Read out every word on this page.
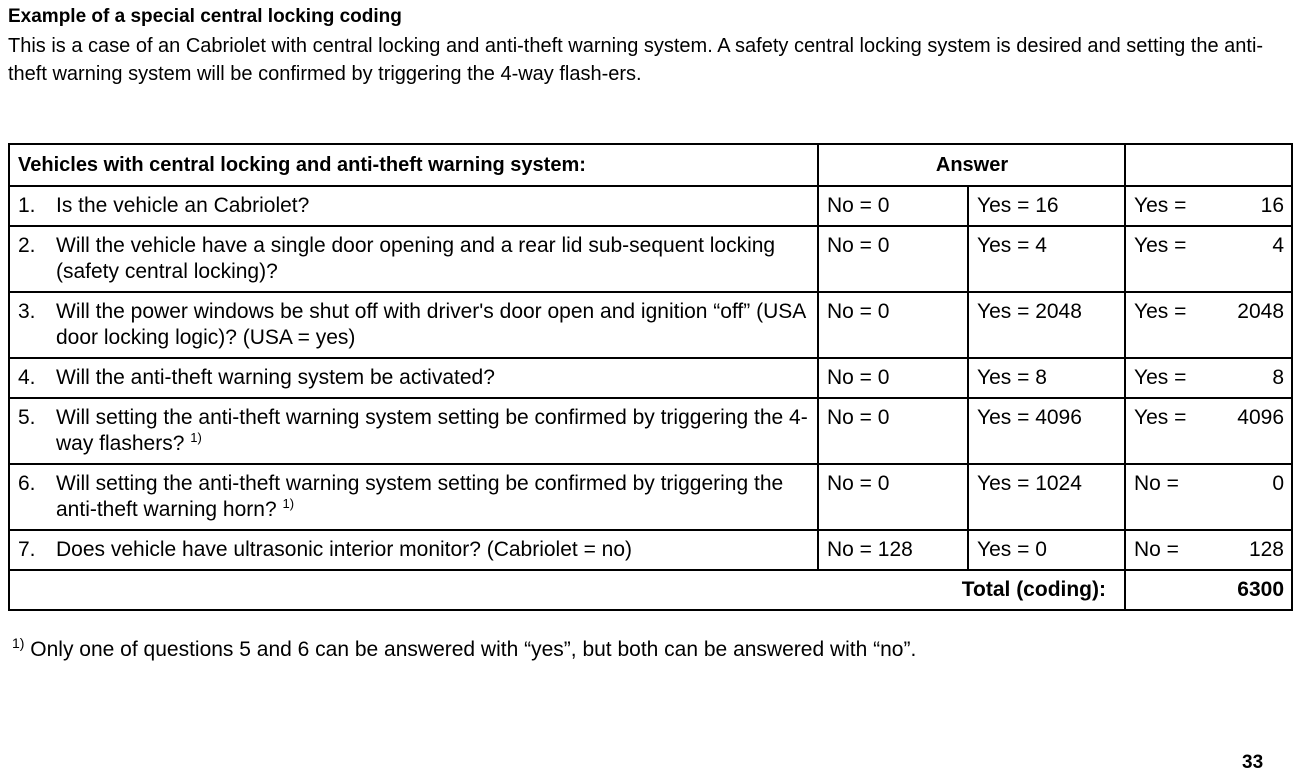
Example of a special central locking coding

This is a case of an Cabriolet with central locking and anti-theft warning system. A safety central locking system is desired and setting the anti-theft warning system will be confirmed by triggering the 4-way flash-ers.

Vehicles with central locking and anti-theft warning system:	Answer		

1. Is the vehicle an Cabriolet?	No = 0	Yes = 16	Yes = 16

2. Will the vehicle have a single door opening and a rear lid sub-sequent locking (safety central locking)?	No = 0	Yes = 4	Yes = 4

3. Will the power windows be shut off with driver's door open and ignition “off” (USA door locking logic)? (USA = yes)	No = 0	Yes = 2048	Yes = 2048

4. Will the anti-theft warning system be activated?	No = 0	Yes = 8	Yes = 8

5. Will setting the anti-theft warning system setting be confirmed by triggering the 4-way flashers? $^{1)}$	No = 0	Yes = 4096	Yes = 4096

6. Will setting the anti-theft warning system setting be confirmed by triggering the anti-theft warning horn? $^{1)}$	No = 0	Yes = 1024	No = 0

7. Does vehicle have ultrasonic interior monitor? (Cabriolet = no)	No = 128	Yes = 0	No = 128

Total (coding):			6300

$^{1)}$ Only one of questions 5 and 6 can be answered with “yes”, but both can be answered with “no”.

33
